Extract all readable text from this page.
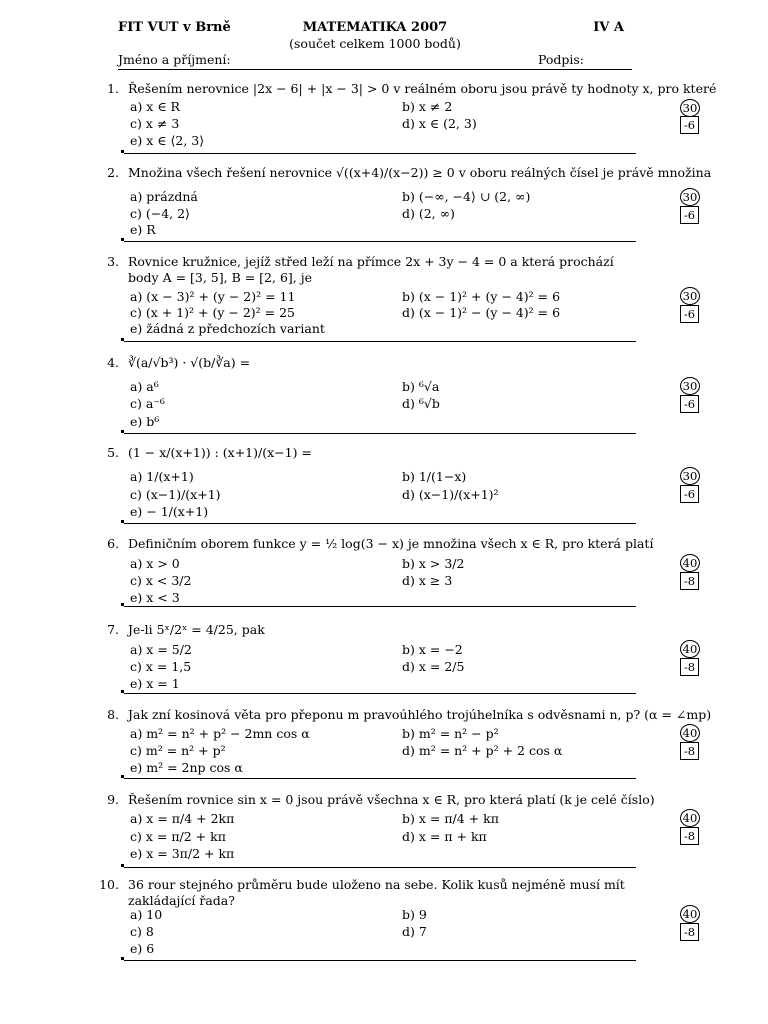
FIT VUT v Brně	MATEMATIKA 2007	IV A
(součet celkem 1000 bodů)
Jméno a příjmení:	Podpis:
1. Řešením nerovnice |2x − 6| + |x − 3| > 0 v reálném oboru jsou právě ty hodnoty x, pro které
a) x ∈ R	b) x ≠ 2
c) x ≠ 3	d) x ∈ (2, 3)
e) x ∈ ⟨2, 3⟩
30
-6
2. Množina všech řešení nerovnice √((x+4)/(x−2)) ≥ 0 v oboru reálných čísel je právě množina
a) prázdná	b) (−∞, −4⟩ ∪ (2, ∞)
c) (−4, 2⟩	d) (2, ∞)
e) R
30
-6
3. Rovnice kružnice, jejíž střed leží na přímce 2x + 3y − 4 = 0 a která prochází body A = [3, 5], B = [2, 6], je
a) (x − 3)² + (y − 2)² = 11	b) (x − 1)² + (y − 4)² = 6
c) (x + 1)² + (y − 2)² = 25	d) (x − 1)² − (y − 4)² = 6
e) žádná z předchozích variant
30
-6
4. ∛(a/√b³) · √(b/∛a) =
a) a⁶	b) ⁶√a
c) a⁻⁶	d) ⁶√b
e) b⁶
30
-6
5. (1 − x/(x+1)) : (x+1)/(x−1) =
a) 1/(x+1)	b) 1/(1−x)
c) (x−1)/(x+1)	d) (x−1)/(x+1)²
e) − 1/(x+1)
30
-6
6. Definičním oborem funkce y = ½ log(3 − x) je množina všech x ∈ R, pro která platí
a) x > 0	b) x > 3/2
c) x < 3/2	d) x ≥ 3
e) x < 3
40
-8
7. Je-li 5ˣ/2ˣ = 4/25, pak
a) x = 5/2	b) x = −2
c) x = 1,5	d) x = 2/5
e) x = 1
40
-8
8. Jak zní kosinová věta pro přeponu m pravoúhlého trojúhelníka s odvěsnami n, p? (α = ∠mp)
a) m² = n² + p² − 2mn cos α	b) m² = n² − p²
c) m² = n² + p²	d) m² = n² + p² + 2 cos α
e) m² = 2np cos α
40
-8
9. Řešením rovnice sin x = 0 jsou právě všechna x ∈ R, pro která platí (k je celé číslo)
a) x = π/4 + 2kπ	b) x = π/4 + kπ
c) x = π/2 + kπ	d) x = π + kπ
e) x = 3π/2 + kπ
40
-8
10. 36 rour stejného průměru bude uloženo na sebe. Kolik kusů nejméně musí mít zakládající řada?
a) 10	b) 9
c) 8	d) 7
e) 6
40
-8
